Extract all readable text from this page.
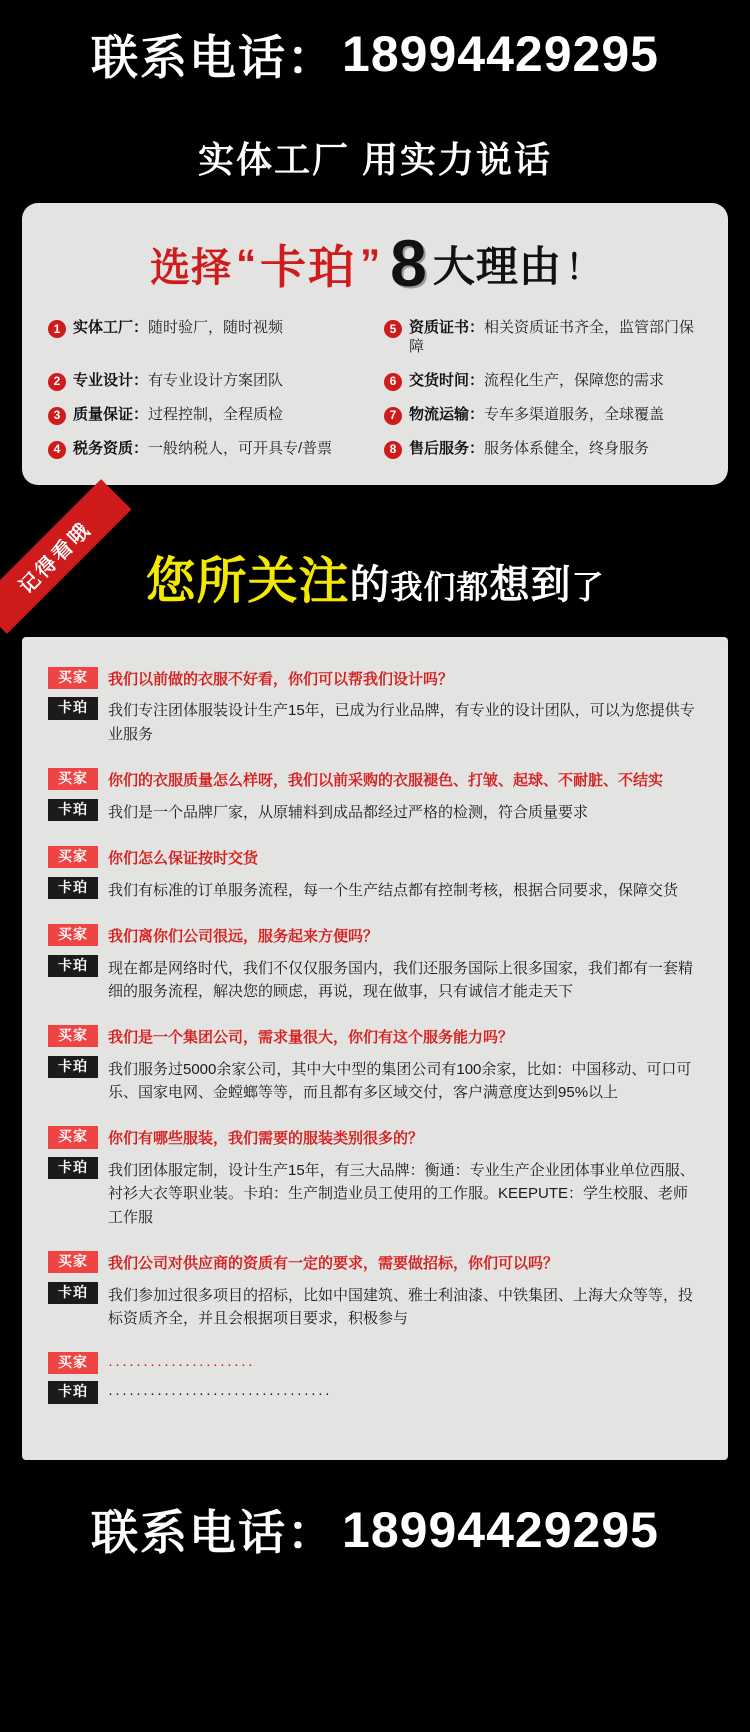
联系电话： 18994429295
实体工厂 用实力说话
选择 “ 卡珀 ” 8 大理由 ！
1 实体工厂：随时验厂，随时视频	5 资质证书：相关资质证书齐全，监管部门保障
2 专业设计：有专业设计方案团队	6 交货时间：流程化生产，保障您的需求
3 质量保证：过程控制，全程质检	7 物流运输：专车多渠道服务，全球覆盖
4 税务资质：一般纳税人，可开具专/普票	8 售后服务：服务体系健全，终身服务
记得看哦 您所关注的我们都想到了
买家	我们以前做的衣服不好看，你们可以帮我们设计吗？
卡珀	我们专注团体服装设计生产15年，已成为行业品牌，有专业的设计团队，可以为您提供专业服务
买家	你们的衣服质量怎么样呀，我们以前采购的衣服褪色、打皱、起球、不耐脏、不结实
卡珀	我们是一个品牌厂家，从原辅料到成品都经过严格的检测，符合质量要求
买家	你们怎么保证按时交货
卡珀	我们有标准的订单服务流程，每一个生产结点都有控制考核，根据合同要求，保障交货
买家	我们离你们公司很远，服务起来方便吗？
卡珀	现在都是网络时代，我们不仅仅服务国内，我们还服务国际上很多国家，我们都有一套精细的服务流程，解决您的顾虑，再说，现在做事，只有诚信才能走天下
买家	我们是一个集团公司，需求量很大，你们有这个服务能力吗？
卡珀	我们服务过5000余家公司，其中大中型的集团公司有100余家，比如：中国移动、可口可乐、国家电网、金螳螂等等，而且都有多区域交付，客户满意度达到95%以上
买家	你们有哪些服装，我们需要的服装类别很多的？
卡珀	我们团体服定制，设计生产15年，有三大品牌：衡通：专业生产企业团体事业单位西服、衬衫大衣等职业装。卡珀：生产制造业员工使用的工作服。KEEPUTE：学生校服、老师工作服
买家	我们公司对供应商的资质有一定的要求，需要做招标，你们可以吗？
卡珀	我们参加过很多项目的招标，比如中国建筑、雅士利油漆、中铁集团、上海大众等等，投标资质齐全，并且会根据项目要求，积极参与
买家	·····················
卡珀	································
联系电话： 18994429295
